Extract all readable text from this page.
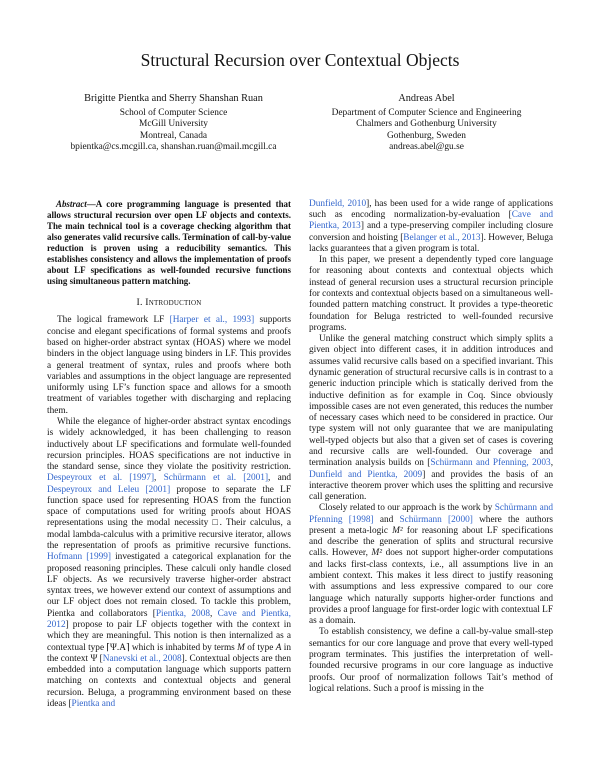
Structural Recursion over Contextual Objects
Brigitte Pientka and Sherry Shanshan Ruan
School of Computer Science
McGill University
Montreal, Canada
bpientka@cs.mcgill.ca, shanshan.ruan@mail.mcgill.ca
Andreas Abel
Department of Computer Science and Engineering
Chalmers and Gothenburg University
Gothenburg, Sweden
andreas.abel@gu.se

Abstract—A core programming language is presented that allows structural recursion over open LF objects and contexts. The main technical tool is a coverage checking algorithm that also generates valid recursive calls. Termination of call-by-value reduction is proven using a reducibility semantics. This establishes consistency and allows the implementation of proofs about LF specifications as well-founded recursive functions using simultaneous pattern matching.

I. Introduction

The logical framework LF [Harper et al., 1993] supports concise and elegant specifications of formal systems and proofs based on higher-order abstract syntax (HOAS) where we model binders in the object language using binders in LF. This provides a general treatment of syntax, rules and proofs where both variables and assumptions in the object language are represented uniformly using LF’s function space and allows for a smooth treatment of variables together with discharging and replacing them.

While the elegance of higher-order abstract syntax encodings is widely acknowledged, it has been challenging to reason inductively about LF specifications and formulate well-founded recursion principles. HOAS specifications are not inductive in the standard sense, since they violate the positivity restriction. Despeyroux et al. [1997], Schürmann et al. [2001], and Despeyroux and Leleu [2001] propose to separate the LF function space used for representing HOAS from the function space of computations used for writing proofs about HOAS representations using the modal necessity □. Their calculus, a modal lambda-calculus with a primitive recursive iterator, allows the representation of proofs as primitive recursive functions. Hofmann [1999] investigated a categorical explanation for the proposed reasoning principles. These calculi only handle closed LF objects. As we recursively traverse higher-order abstract syntax trees, we however extend our context of assumptions and our LF object does not remain closed. To tackle this problem, Pientka and collaborators [Pientka, 2008, Cave and Pientka, 2012] propose to pair LF objects together with the context in which they are meaningful. This notion is then internalized as a contextual type ⌈Ψ.A⌉ which is inhabited by terms M of type A in the context Ψ [Nanevski et al., 2008]. Contextual objects are then embedded into a computation language which supports pattern matching on contexts and contextual objects and general recursion. Beluga, a programming environment based on these ideas [Pientka and

Dunfield, 2010], has been used for a wide range of applications such as encoding normalization-by-evaluation [Cave and Pientka, 2013] and a type-preserving compiler including closure conversion and hoisting [Belanger et al., 2013]. However, Beluga lacks guarantees that a given program is total.

In this paper, we present a dependently typed core language for reasoning about contexts and contextual objects which instead of general recursion uses a structural recursion principle for contexts and contextual objects based on a simultaneous well-founded pattern matching construct. It provides a type-theoretic foundation for Beluga restricted to well-founded recursive programs.

Unlike the general matching construct which simply splits a given object into different cases, it in addition introduces and assumes valid recursive calls based on a specified invariant. This dynamic generation of structural recursive calls is in contrast to a generic induction principle which is statically derived from the inductive definition as for example in Coq. Since obviously impossible cases are not even generated, this reduces the number of necessary cases which need to be considered in practice. Our type system will not only guarantee that we are manipulating well-typed objects but also that a given set of cases is covering and recursive calls are well-founded. Our coverage and termination analysis builds on [Schürmann and Pfenning, 2003, Dunfield and Pientka, 2009] and provides the basis of an interactive theorem prover which uses the splitting and recursive call generation.

Closely related to our approach is the work by Schürmann and Pfenning [1998] and Schürmann [2000] where the authors present a meta-logic M² for reasoning about LF specifications and describe the generation of splits and structural recursive calls. However, M² does not support higher-order computations and lacks first-class contexts, i.e., all assumptions live in an ambient context. This makes it less direct to justify reasoning with assumptions and less expressive compared to our core language which naturally supports higher-order functions and provides a proof language for first-order logic with contextual LF as a domain.

To establish consistency, we define a call-by-value small-step semantics for our core language and prove that every well-typed program terminates. This justifies the interpretation of well-founded recursive programs in our core language as inductive proofs. Our proof of normalization follows Tait’s method of logical relations. Such a proof is missing in the
